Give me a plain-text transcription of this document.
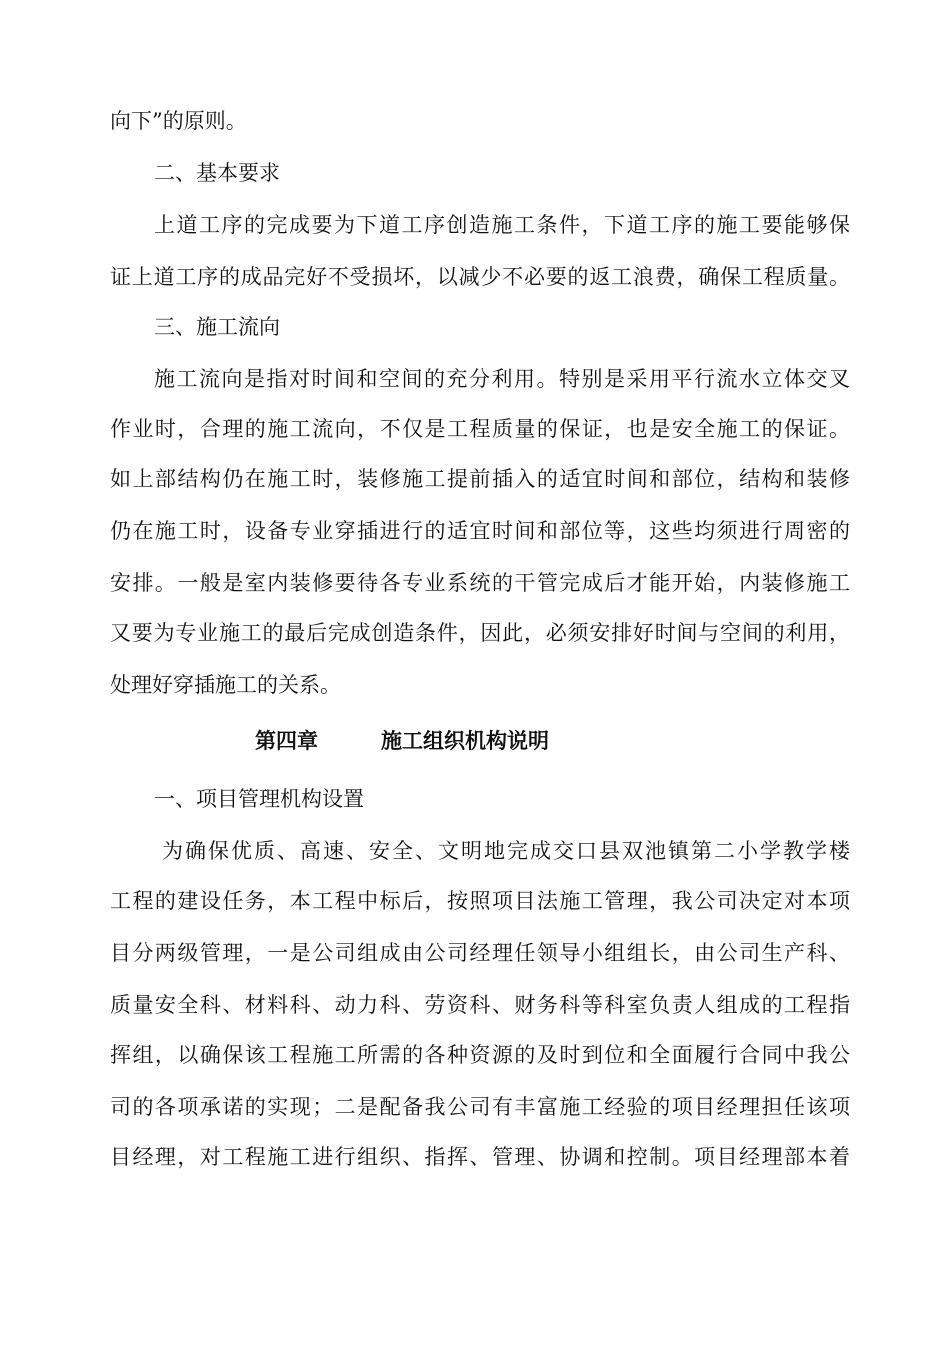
向下”的原则。
二、基本要求
上道工序的完成要为下道工序创造施工条件，下道工序的施工要能够保
证上道工序的成品完好不受损坏，以减少不必要的返工浪费，确保工程质量。
三、施工流向
施工流向是指对时间和空间的充分利用。特别是采用平行流水立体交叉
作业时，合理的施工流向，不仅是工程质量的保证，也是安全施工的保证。
如上部结构仍在施工时，装修施工提前插入的适宜时间和部位，结构和装修
仍在施工时，设备专业穿插进行的适宜时间和部位等，这些均须进行周密的
安排。一般是室内装修要待各专业系统的干管完成后才能开始，内装修施工
又要为专业施工的最后完成创造条件，因此，必须安排好时间与空间的利用，
处理好穿插施工的关系。
第四章	施工组织机构说明
一、项目管理机构设置
为确保优质、高速、安全、文明地完成交口县双池镇第二小学教学楼
工程的建设任务，本工程中标后，按照项目法施工管理，我公司决定对本项
目分两级管理，一是公司组成由公司经理任领导小组组长，由公司生产科、
质量安全科、材料科、动力科、劳资科、财务科等科室负责人组成的工程指
挥组，以确保该工程施工所需的各种资源的及时到位和全面履行合同中我公
司的各项承诺的实现；二是配备我公司有丰富施工经验的项目经理担任该项
目经理，对工程施工进行组织、指挥、管理、协调和控制。项目经理部本着
